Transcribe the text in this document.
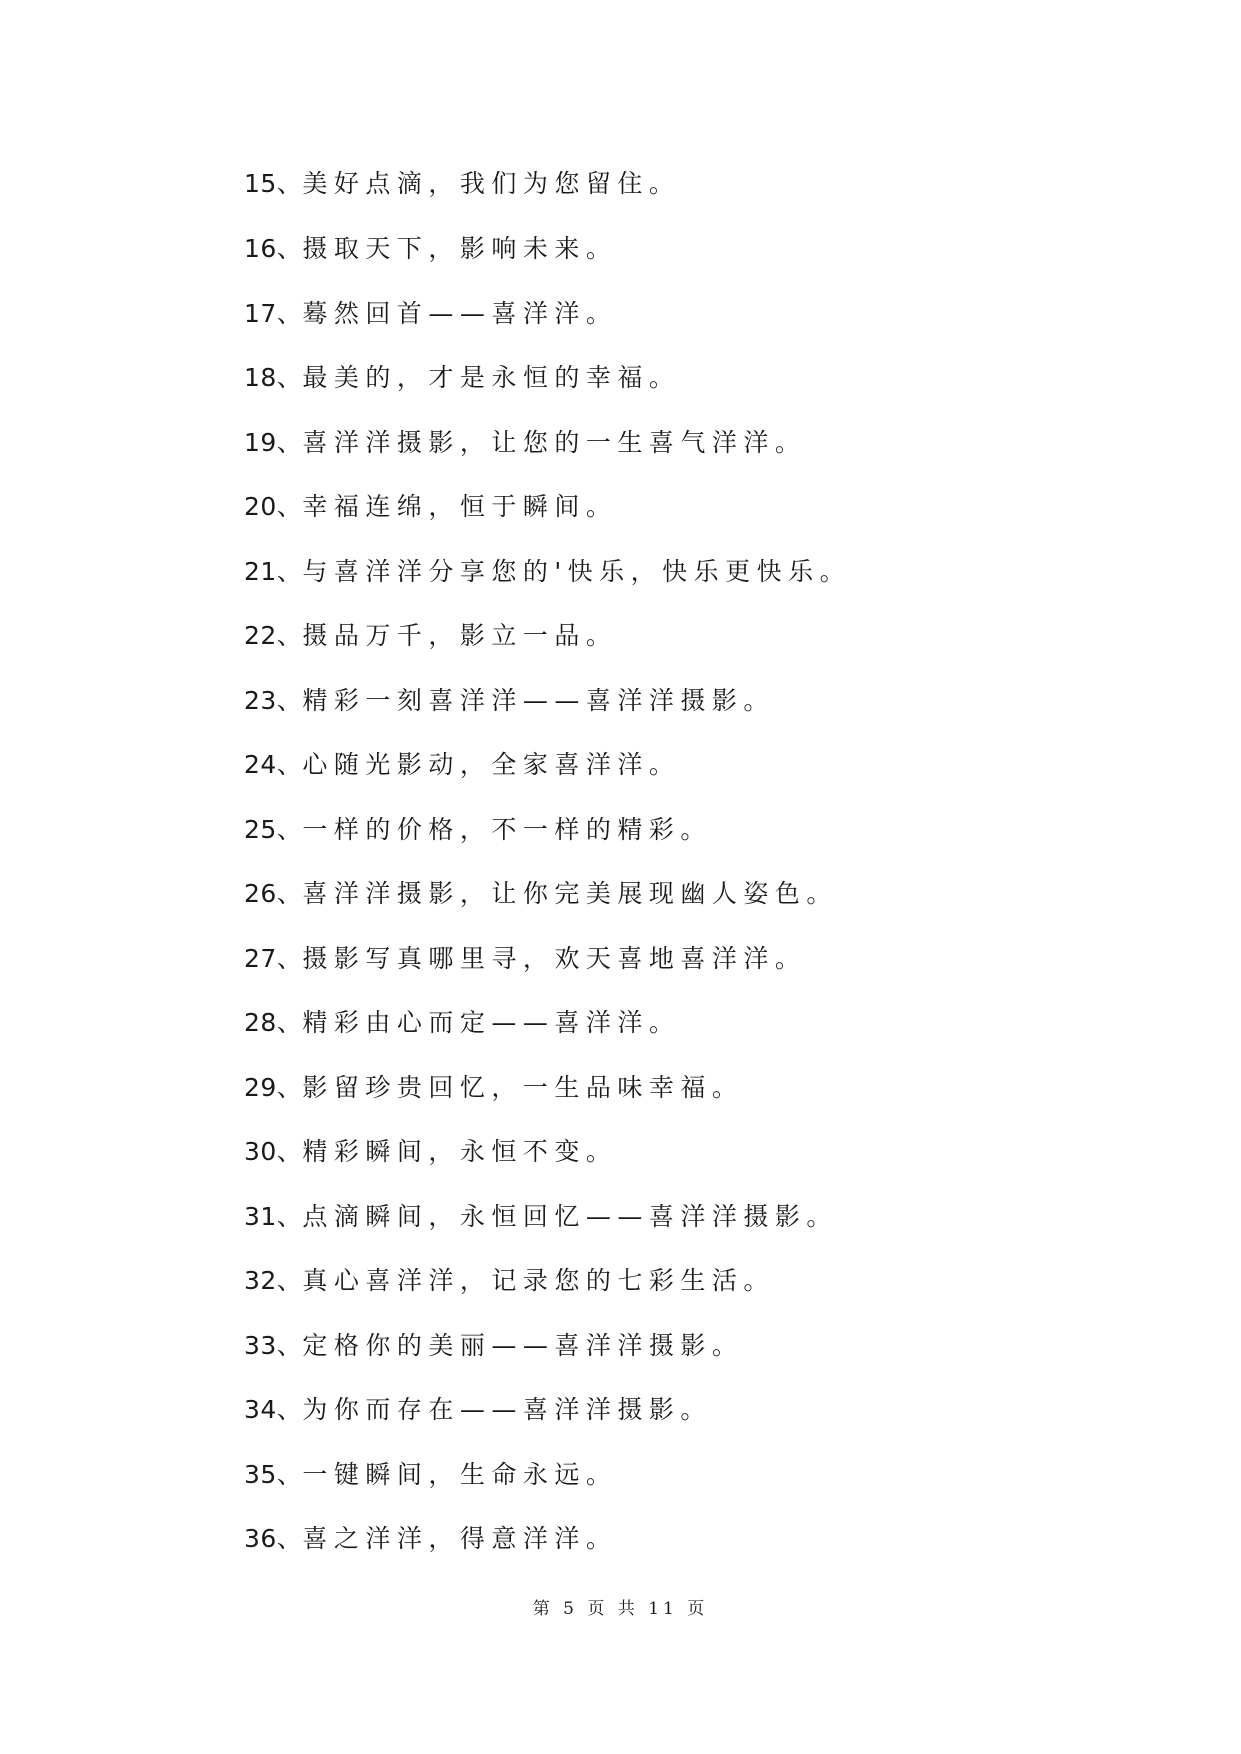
15、美好点滴，我们为您留住。
16、摄取天下，影响未来。
17、蓦然回首——喜洋洋。
18、最美的，才是永恒的幸福。
19、喜洋洋摄影，让您的一生喜气洋洋。
20、幸福连绵，恒于瞬间。
21、与喜洋洋分享您的'快乐，快乐更快乐。
22、摄品万千，影立一品。
23、精彩一刻喜洋洋——喜洋洋摄影。
24、心随光影动，全家喜洋洋。
25、一样的价格，不一样的精彩。
26、喜洋洋摄影，让你完美展现幽人姿色。
27、摄影写真哪里寻，欢天喜地喜洋洋。
28、精彩由心而定——喜洋洋。
29、影留珍贵回忆，一生品味幸福。
30、精彩瞬间，永恒不变。
31、点滴瞬间，永恒回忆——喜洋洋摄影。
32、真心喜洋洋，记录您的七彩生活。
33、定格你的美丽——喜洋洋摄影。
34、为你而存在——喜洋洋摄影。
35、一键瞬间，生命永远。
36、喜之洋洋，得意洋洋。
第 5 页 共 11 页
